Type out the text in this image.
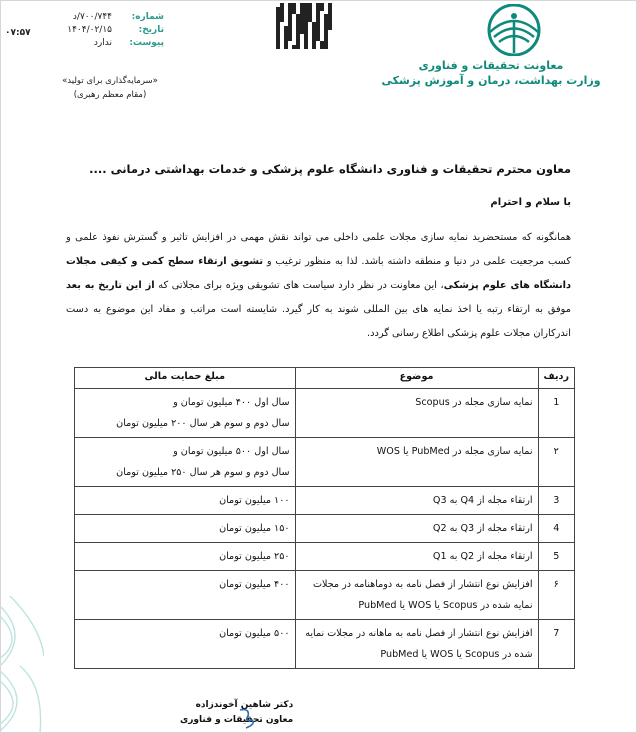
شماره:
۷۰۰/۷۴۴/د
تاریخ:
۱۴۰۴/۰۲/۱۵
پیوست:
ندارد
۰۷:۵۷
«سرمایه‌گذاری برای تولید»
(مقام معظم رهبری)
معاونت تحقیقات و فناوری
وزارت بهداشت، درمان و آموزش پزشکی
معاون محترم تحقیقات و فناوری دانشگاه علوم پزشکی و خدمات بهداشتی درمانی ....
با سلام و احترام
همانگونه که مستحضرید نمایه سازی مجلات علمی داخلی می تواند نقش مهمی در افزایش تاثیر و گسترش نفوذ علمی و کسب مرجعیت علمی در دنیا و منطقه داشته باشد. لذا به منظور ترغیب و تشویق ارتقاء سطح کمی و کیفی مجلات دانشگاه های علوم پزشکی، این معاونت در نظر دارد سیاست های تشویقی ویژه برای مجلاتی که از این تاریخ به بعد موفق به ارتقاء رتبه یا اخذ نمایه های بین المللی شوند به کار گیرد. شایسته است مراتب و مفاد این موضوع به دست اندرکاران مجلات علوم پزشکی اطلاع رسانی گردد.
ردیف	موضوع	مبلغ حمایت مالی
1	نمایه سازی مجله در Scopus	سال اول ۴۰۰ میلیون تومان و
سال دوم و سوم هر سال ۲۰۰ میلیون تومان

۲	نمایه سازی مجله در PubMed یا WOS	سال اول ۵۰۰ میلیون تومان و
سال دوم و سوم هر سال ۲۵۰ میلیون تومان

3	ارتقاء مجله از Q4 به Q3	۱۰۰ میلیون تومان

4	ارتقاء مجله از Q3 به Q2	۱۵۰ میلیون تومان

5	ارتقاء مجله از Q2 به Q1	۲۵۰ میلیون تومان

۶	افزایش نوع انتشار از فصل نامه به دوماهنامه در مجلات نمایه شده در Scopus یا WOS یا PubMed	۴۰۰ میلیون تومان

7	افزایش نوع انتشار از فصل نامه به ماهانه در مجلات نمایه شده در Scopus یا WOS یا PubMed	۵۰۰ میلیون تومان
دکتر شاهین آخوندزاده
معاون تحقیقات و فناوری
